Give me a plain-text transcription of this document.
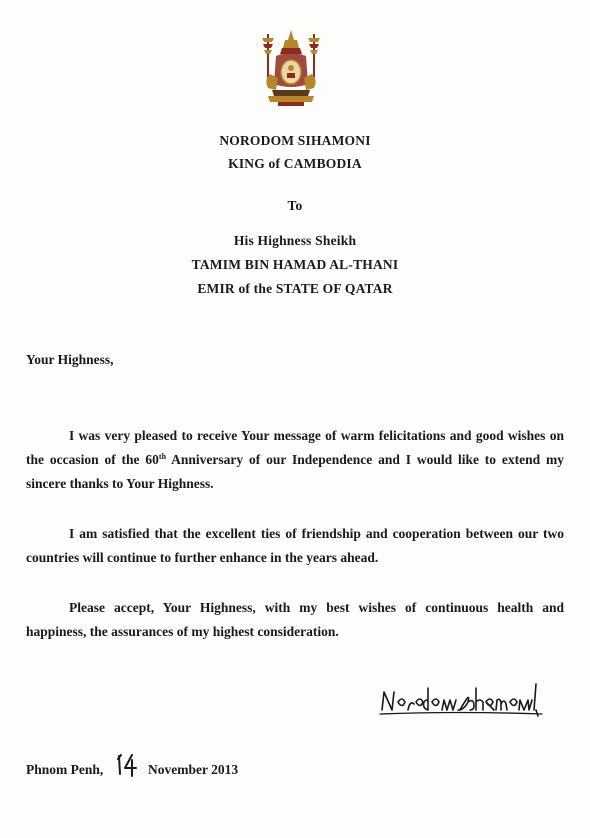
NORODOM SIHAMONI
KING of CAMBODIA
To
His Highness Sheikh
TAMIM BIN HAMAD AL-THANI
EMIR of the STATE OF QATAR
Your Highness,

I was very pleased to receive Your message of warm felicitations and good wishes on the occasion of the 60th Anniversary of our Independence and I would like to extend my sincere thanks to Your Highness.

I am satisfied that the excellent ties of friendship and cooperation between our two countries will continue to further enhance in the years ahead.

Please accept, Your Highness, with my best wishes of continuous health and happiness, the assurances of my highest consideration.

Phnom Penh,	November 2013
